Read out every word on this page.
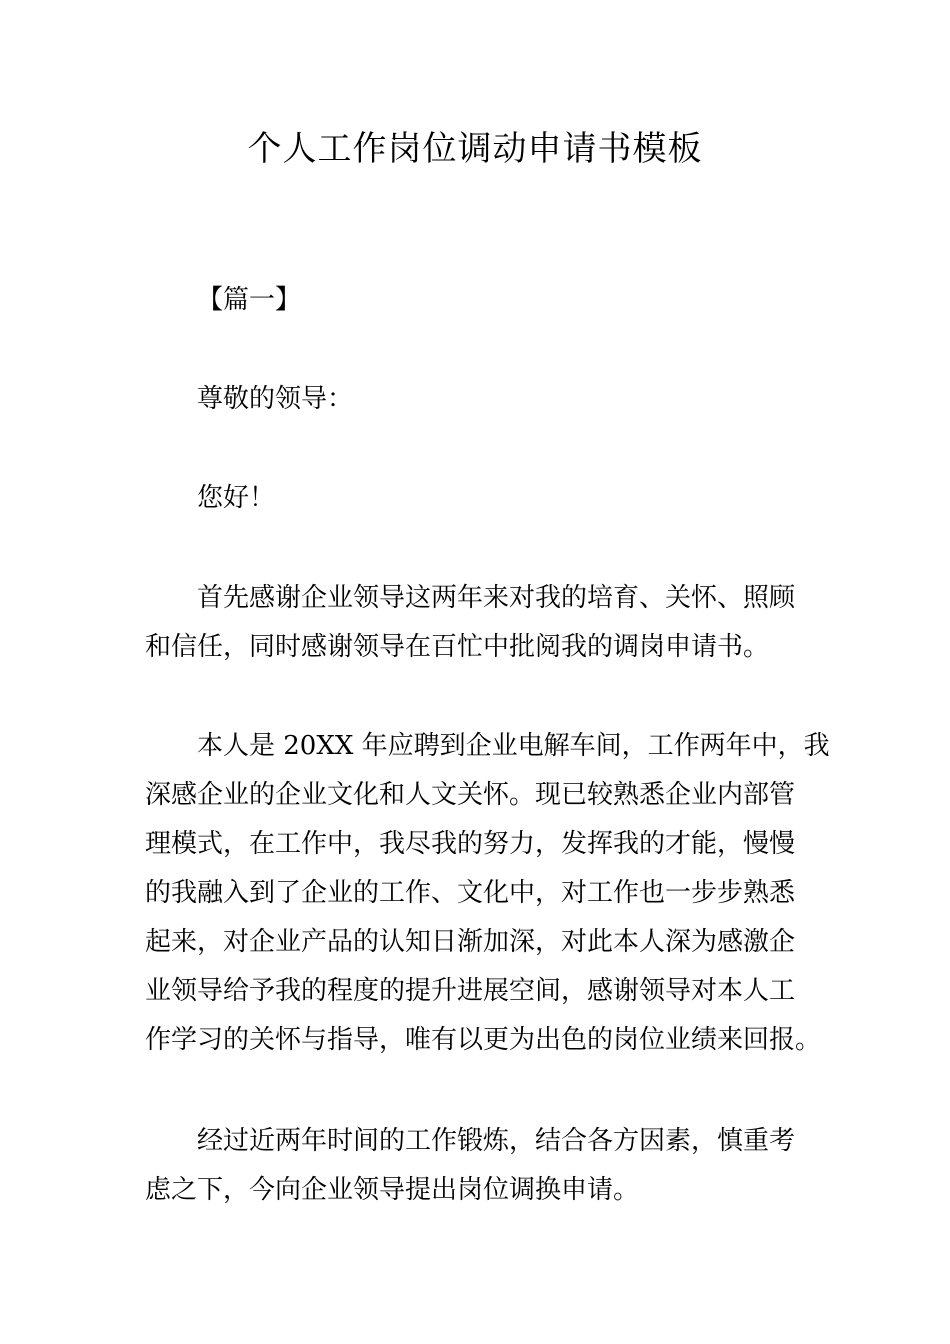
个人工作岗位调动申请书模板

【篇一】

尊敬的领导：

您好！

首先感谢企业领导这两年来对我的培育、关怀、照顾
和信任，同时感谢领导在百忙中批阅我的调岗申请书。
本人是 20XX 年应聘到企业电解车间，工作两年中，我
深感企业的企业文化和人文关怀。现已较熟悉企业内部管
理模式，在工作中，我尽我的努力，发挥我的才能，慢慢
的我融入到了企业的工作、文化中，对工作也一步步熟悉
起来，对企业产品的认知日渐加深，对此本人深为感激企
业领导给予我的程度的提升进展空间，感谢领导对本人工
作学习的关怀与指导，唯有以更为出色的岗位业绩来回报。
经过近两年时间的工作锻炼，结合各方因素，慎重考
虑之下，今向企业领导提出岗位调换申请。
